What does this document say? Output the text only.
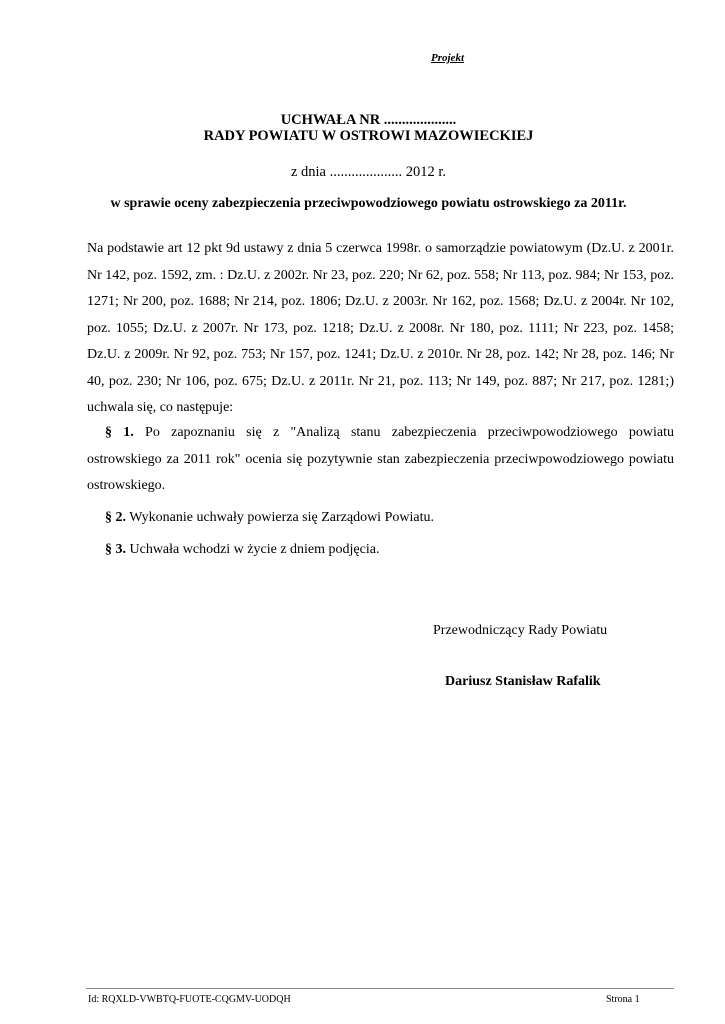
Projekt
UCHWAŁA NR ....................
RADY POWIATU W OSTROWI MAZOWIECKIEJ
z dnia .................... 2012 r.
w sprawie oceny zabezpieczenia przeciwpowodziowego powiatu ostrowskiego za 2011r.
Na podstawie art 12 pkt 9d ustawy z dnia 5 czerwca 1998r. o samorządzie powiatowym (Dz.U. z 2001r. Nr 142, poz. 1592, zm. : Dz.U. z 2002r. Nr 23, poz. 220; Nr 62, poz. 558; Nr 113, poz. 984; Nr 153, poz. 1271; Nr 200, poz. 1688; Nr 214, poz. 1806; Dz.U. z 2003r. Nr 162, poz. 1568; Dz.U. z 2004r. Nr 102, poz. 1055; Dz.U. z 2007r. Nr 173, poz. 1218; Dz.U. z 2008r. Nr 180, poz. 1111; Nr 223, poz. 1458; Dz.U. z 2009r. Nr 92, poz. 753; Nr 157, poz. 1241; Dz.U. z 2010r. Nr 28, poz. 142; Nr 28, poz. 146; Nr 40, poz. 230; Nr 106, poz. 675; Dz.U. z 2011r. Nr 21, poz. 113; Nr 149, poz. 887; Nr 217, poz. 1281;) uchwala się, co następuje:
§ 1. Po zapoznaniu się z "Analizą stanu zabezpieczenia przeciwpowodziowego powiatu ostrowskiego za 2011 rok" ocenia się pozytywnie stan zabezpieczenia przeciwpowodziowego powiatu ostrowskiego.
§ 2. Wykonanie uchwały powierza się Zarządowi Powiatu.
§ 3. Uchwała wchodzi w życie z dniem podjęcia.
Przewodniczący Rady Powiatu
Dariusz Stanisław Rafalik
Id: RQXLD-VWBTQ-FUOTE-CQGMV-UODQH	Strona 1
